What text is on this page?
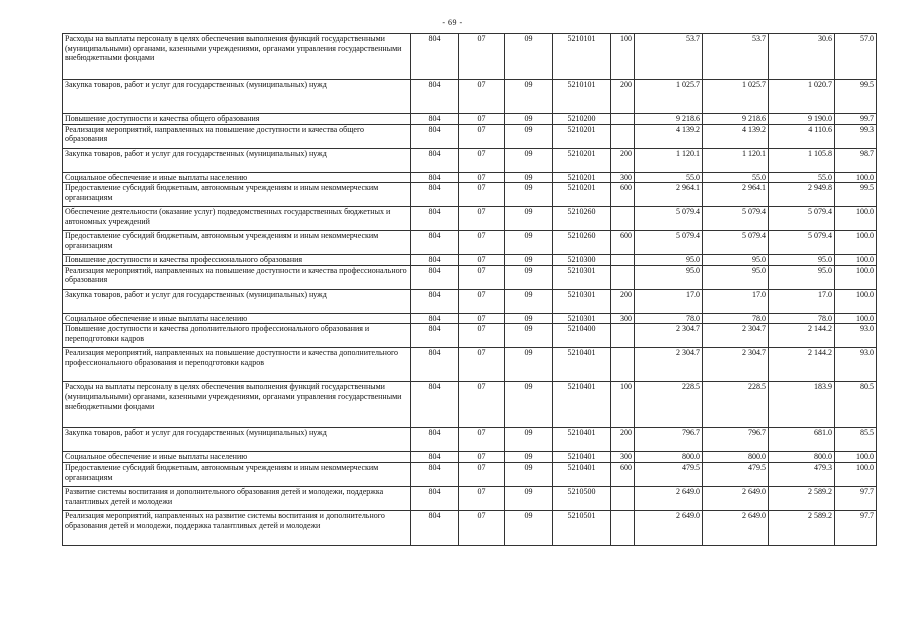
- 69 -
Расходы на выплаты персоналу в целях обеспечения выполнения функций государственными (муниципальными) органами, казенными учреждениями, органами управления государственными внебюджетными фондами	804	07	09	5210101	100	53.7	53.7	30.6	57.0
Закупка товаров, работ и услуг для государственных (муниципальных) нужд	804	07	09	5210101	200	1 025.7	1 025.7	1 020.7	99.5
Повышение доступности и качества общего образования	804	07	09	5210200		9 218.6	9 218.6	9 190.0	99.7
Реализация мероприятий, направленных на повышение доступности и качества общего образования	804	07	09	5210201		4 139.2	4 139.2	4 110.6	99.3
Закупка товаров, работ и услуг для государственных (муниципальных) нужд	804	07	09	5210201	200	1 120.1	1 120.1	1 105.8	98.7
Социальное обеспечение и иные выплаты населению	804	07	09	5210201	300	55.0	55.0	55.0	100.0
Предоставление субсидий бюджетным, автономным учреждениям и иным некоммерческим организациям	804	07	09	5210201	600	2 964.1	2 964.1	2 949.8	99.5
Обеспечение деятельности (оказание услуг) подведомственных государственных бюджетных и автономных учреждений	804	07	09	5210260		5 079.4	5 079.4	5 079.4	100.0
Предоставление субсидий бюджетным, автономным учреждениям и иным некоммерческим организациям	804	07	09	5210260	600	5 079.4	5 079.4	5 079.4	100.0
Повышение доступности и качества профессионального образования	804	07	09	5210300		95.0	95.0	95.0	100.0
Реализация мероприятий, направленных на повышение доступности и качества профессионального образования	804	07	09	5210301		95.0	95.0	95.0	100.0
Закупка товаров, работ и услуг для государственных (муниципальных) нужд	804	07	09	5210301	200	17.0	17.0	17.0	100.0
Социальное обеспечение и иные выплаты населению	804	07	09	5210301	300	78.0	78.0	78.0	100.0
Повышение доступности и качества дополнительного профессионального образования и переподготовки кадров	804	07	09	5210400		2 304.7	2 304.7	2 144.2	93.0
Реализация мероприятий, направленных на повышение доступности и качества дополнительного профессионального образования и переподготовки кадров	804	07	09	5210401		2 304.7	2 304.7	2 144.2	93.0
Расходы на выплаты персоналу в целях обеспечения выполнения функций государственными (муниципальными) органами, казенными учреждениями, органами управления государственными внебюджетными фондами	804	07	09	5210401	100	228.5	228.5	183.9	80.5
Закупка товаров, работ и услуг для государственных (муниципальных) нужд	804	07	09	5210401	200	796.7	796.7	681.0	85.5
Социальное обеспечение и иные выплаты населению	804	07	09	5210401	300	800.0	800.0	800.0	100.0
Предоставление субсидий бюджетным, автономным учреждениям и иным некоммерческим организациям	804	07	09	5210401	600	479.5	479.5	479.3	100.0
Развитие системы воспитания и дополнительного образования детей и молодежи, поддержка талантливых детей и молодежи	804	07	09	5210500		2 649.0	2 649.0	2 589.2	97.7
Реализация мероприятий, направленных на развитие системы воспитания и дополнительного образования детей и молодежи, поддержка талантливых детей и молодежи	804	07	09	5210501		2 649.0	2 649.0	2 589.2	97.7
